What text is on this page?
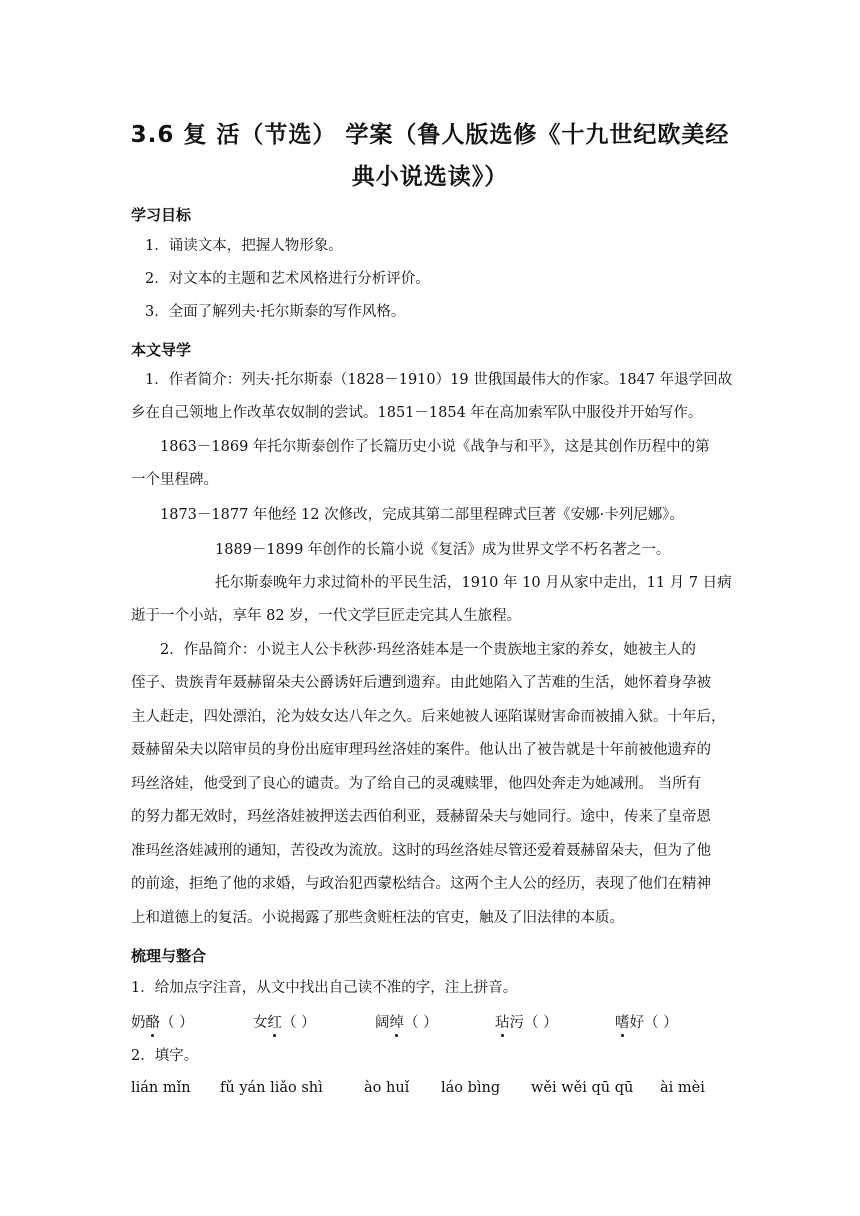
3.6 复 活（节选） 学案（鲁人版选修《十九世纪欧美经
典小说选读》）
学习目标
1．诵读文本，把握人物形象。
2．对文本的主题和艺术风格进行分析评价。
3．全面了解列夫·托尔斯泰的写作风格。
本文导学
1．作者简介：列夫·托尔斯泰（1828－1910）19 世俄国最伟大的作家。1847 年退学回故
乡在自己领地上作改革农奴制的尝试。1851－1854 年在高加索军队中服役并开始写作。
1863－1869 年托尔斯泰创作了长篇历史小说《战争与和平》，这是其创作历程中的第
一个里程碑。
1873－1877 年他经 12 次修改，完成其第二部里程碑式巨著《安娜·卡列尼娜》。
1889－1899 年创作的长篇小说《复活》成为世界文学不朽名著之一。
托尔斯泰晚年力求过简朴的平民生活，1910 年 10 月从家中走出，11 月 7 日病
逝于一个小站，享年 82 岁，一代文学巨匠走完其人生旅程。
2．作品简介：小说主人公卡秋莎·玛丝洛娃本是一个贵族地主家的养女，她被主人的
侄子、贵族青年聂赫留朵夫公爵诱奸后遭到遗弃。由此她陷入了苦难的生活，她怀着身孕被
主人赶走，四处漂泊，沦为妓女达八年之久。后来她被人诬陷谋财害命而被捕入狱。十年后，
聂赫留朵夫以陪审员的身份出庭审理玛丝洛娃的案件。他认出了被告就是十年前被他遗弃的
玛丝洛娃，他受到了良心的谴责。为了给自己的灵魂赎罪，他四处奔走为她减刑。 当所有
的努力都无效时，玛丝洛娃被押送去西伯利亚，聂赫留朵夫与她同行。途中，传来了皇帝恩
准玛丝洛娃减刑的通知，苦役改为流放。这时的玛丝洛娃尽管还爱着聂赫留朵夫，但为了他
的前途，拒绝了他的求婚，与政治犯西蒙松结合。这两个主人公的经历，表现了他们在精神
上和道德上的复活。小说揭露了那些贪赃枉法的官吏，触及了旧法律的本质。
梳理与整合
1．给加点字注音，从文中找出自己读不准的字，注上拼音。
奶酪（ ）	女红（ ）	阔绰（ ）	玷污（ ）	嗜好（ ）
2．填字。
lián mǐn fǔ yán liǎo shì	ào huǐ láo bìng wěi wěi qū qū ài mèi
